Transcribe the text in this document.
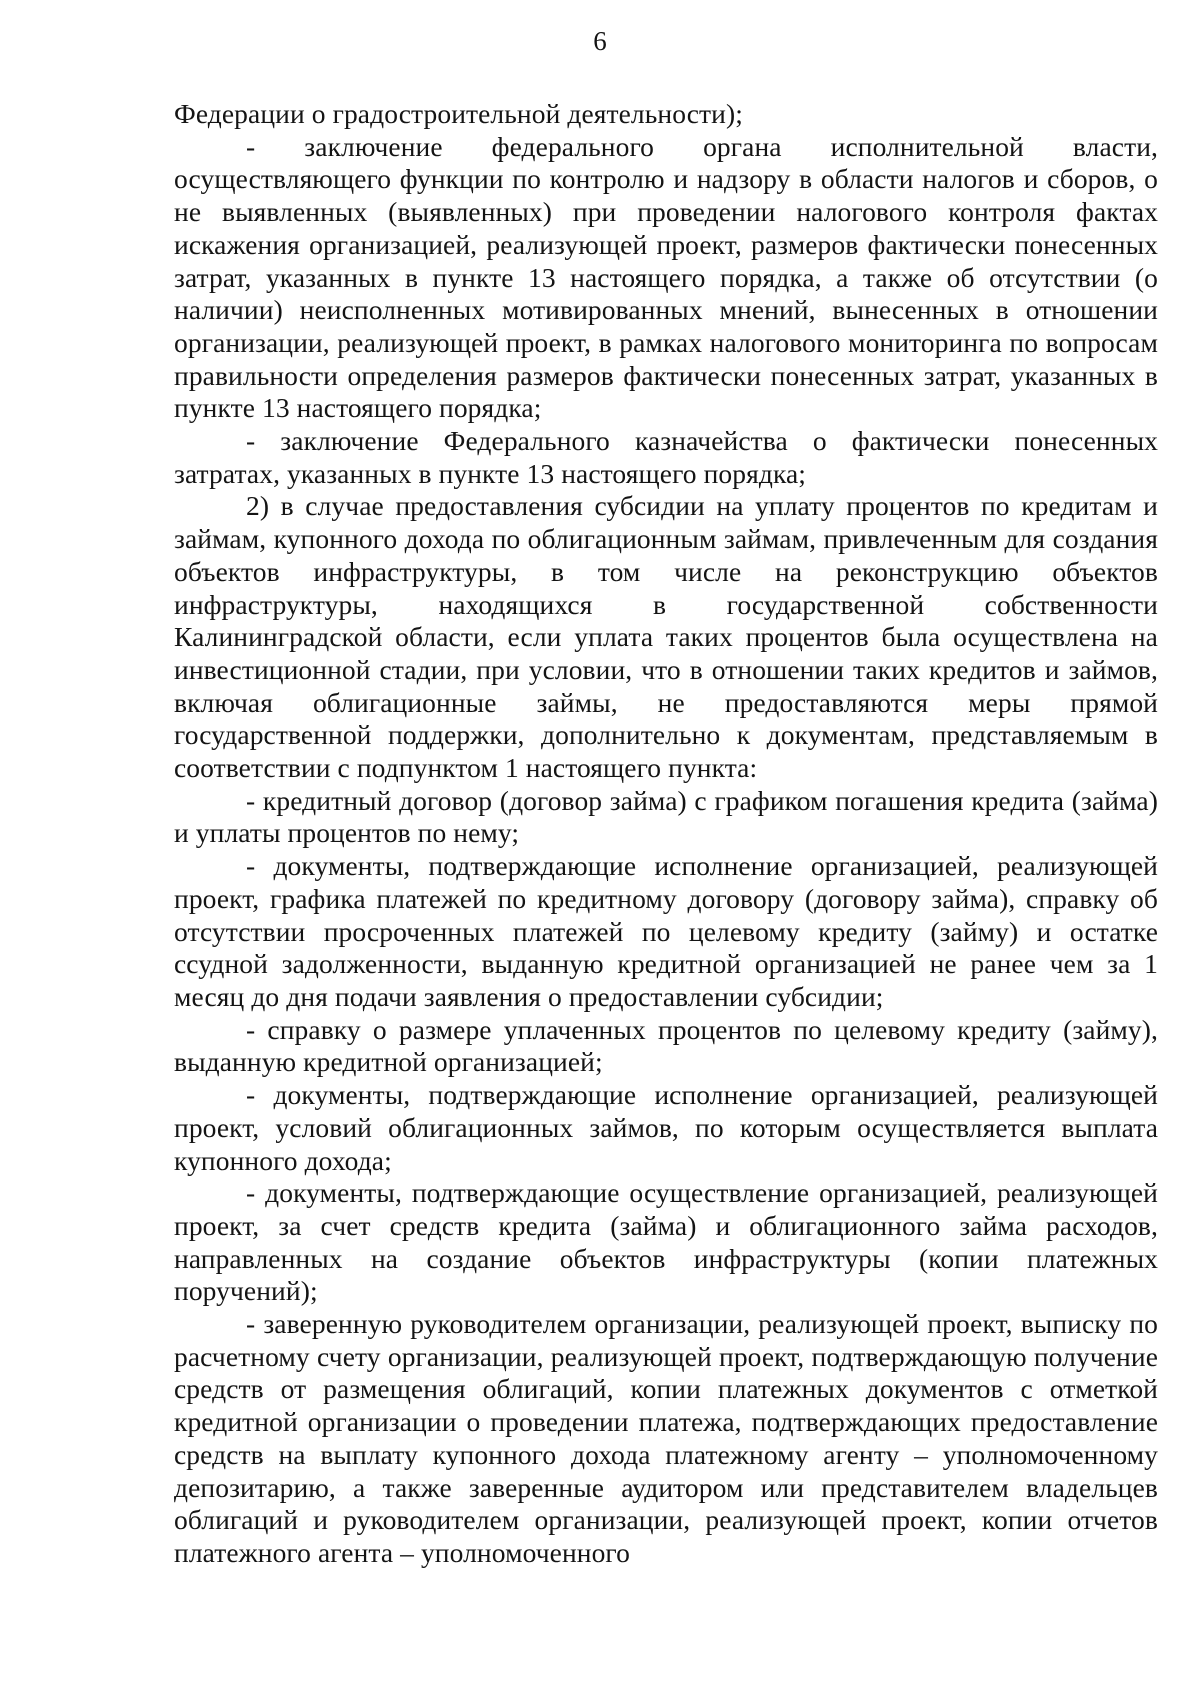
6

Федерации о градостроительной деятельности);

- заключение федерального органа исполнительной власти, осуществляющего функции по контролю и надзору в области налогов и сборов, о не выявленных (выявленных) при проведении налогового контроля фактах искажения организацией, реализующей проект, размеров фактически понесенных затрат, указанных в пункте 13 настоящего порядка, а также об отсутствии (о наличии) неисполненных мотивированных мнений, вынесенных в отношении организации, реализующей проект, в рамках налогового мониторинга по вопросам правильности определения размеров фактически понесенных затрат, указанных в пункте 13 настоящего порядка;

- заключение Федерального казначейства о фактически понесенных затратах, указанных в пункте 13 настоящего порядка;

2) в случае предоставления субсидии на уплату процентов по кредитам и займам, купонного дохода по облигационным займам, привлеченным для создания объектов инфраструктуры, в том числе на реконструкцию объектов инфраструктуры, находящихся в государственной собственности Калининградской области, если уплата таких процентов была осуществлена на инвестиционной стадии, при условии, что в отношении таких кредитов и займов, включая облигационные займы, не предоставляются меры прямой государственной поддержки, дополнительно к документам, представляемым в соответствии с подпунктом 1 настоящего пункта:

- кредитный договор (договор займа) с графиком погашения кредита (займа) и уплаты процентов по нему;

- документы, подтверждающие исполнение организацией, реализующей проект, графика платежей по кредитному договору (договору займа), справку об отсутствии просроченных платежей по целевому кредиту (займу) и остатке ссудной задолженности, выданную кредитной организацией не ранее чем за 1 месяц до дня подачи заявления о предоставлении субсидии;

- справку о размере уплаченных процентов по целевому кредиту (займу), выданную кредитной организацией;

- документы, подтверждающие исполнение организацией, реализующей проект, условий облигационных займов, по которым осуществляется выплата купонного дохода;

- документы, подтверждающие осуществление организацией, реализующей проект, за счет средств кредита (займа) и облигационного займа расходов, направленных на создание объектов инфраструктуры (копии платежных поручений);

- заверенную руководителем организации, реализующей проект, выписку по расчетному счету организации, реализующей проект, подтверждающую получение средств от размещения облигаций, копии платежных документов с отметкой кредитной организации о проведении платежа, подтверждающих предоставление средств на выплату купонного дохода платежному агенту – уполномоченному депозитарию, а также заверенные аудитором или представителем владельцев облигаций и руководителем организации, реализующей проект, копии отчетов платежного агента – уполномоченного
